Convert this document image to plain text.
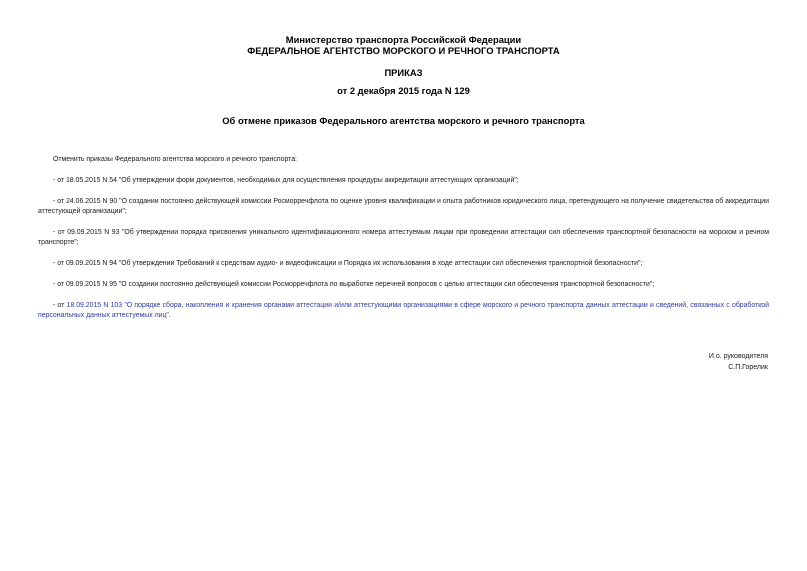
Министерство транспорта Российской Федерации
ФЕДЕРАЛЬНОЕ АГЕНТСТВО МОРСКОГО И РЕЧНОГО ТРАНСПОРТА
ПРИКАЗ
от 2 декабря 2015 года N 129
Об отмене приказов Федерального агентства морского и речного транспорта
Отменить приказы Федерального агентства морского и речного транспорта:
- от 18.05.2015 N 54 "Об утверждении форм документов, необходимых для осуществления процедуры аккредитации аттестующих организаций";
- от 24.06.2015 N 90 "О создании постоянно действующей комиссии Росморречфлота по оценке уровня квалификации и опыта работников юридического лица, претендующего на получение свидетельства об аккредитации аттестующей организации";
- от 09.09.2015 N 93 "Об утверждении порядка присвоения уникального идентификационного номера аттестуемым лицам при проведении аттестации сил обеспечения транспортной безопасности на морском и речном транспорте";
- от 09.09.2015 N 94 "Об утверждении Требований к средствам аудио- и видеофиксации и Порядка их использования в ходе аттестации сил обеспечения транспортной безопасности";
- от 09.09.2015 N 95 "О создании постоянно действующей комиссии Росморречфлота по выработке перечней вопросов с целью аттестации сил обеспечения транспортной безопасности";
- от 18.09.2015 N 103 "О порядке сбора, накопления и хранения органами аттестации и/или аттестующими организациями в сфере морского и речного транспорта данных аттестации и сведений, связанных с обработкой персональных данных аттестуемых лиц".
И.о. руководителя
С.П.Горелик
